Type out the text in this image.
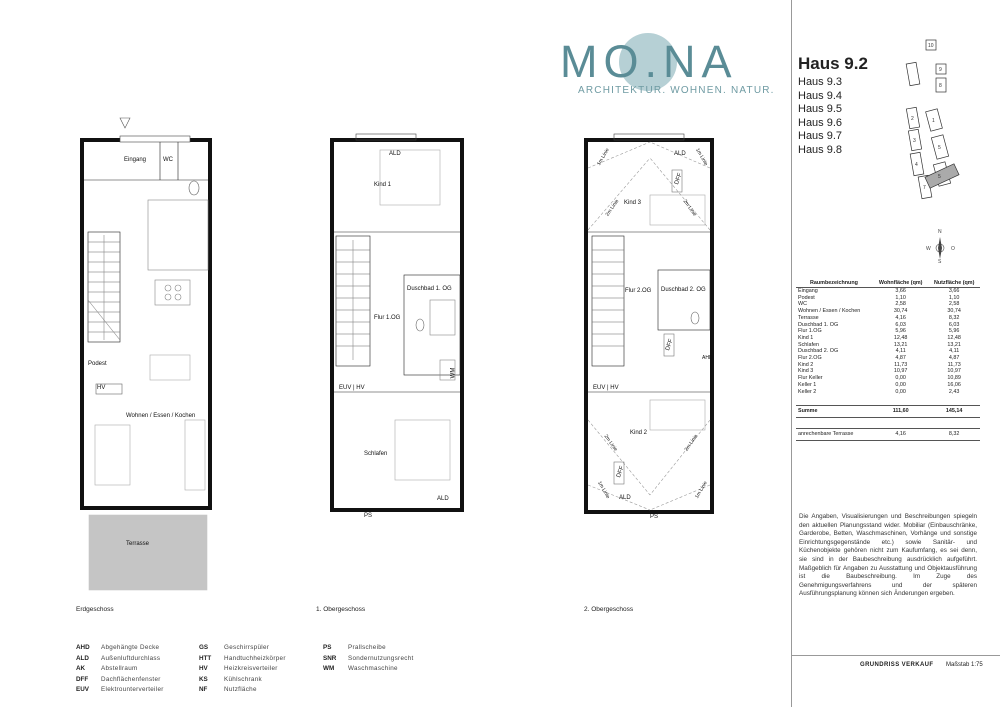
MO.NA
ARCHITEKTUR. WOHNEN. NATUR.
Eingang	WC
Podest
HV
Wohnen / Essen / Kochen
Terrasse
Erdgeschoss
ALD
Kind 1
Duschbad 1. OG
Flur 1.OG
EUV | HV
WM
Schlafen
ALD
PS
1. Obergeschoss
ALD
DFF
1m Linie	1m Linie
2m Linie	2m Linie
Kind 3
Flur 2.OG Duschbad 2. OG
DFF
AHD
EUV | HV
Kind 2
2m Linie	2m Linie
DFF
1m Linie	1m Linie
ALD
PS
2. Obergeschoss
Haus 9.2
Haus 9.3
Haus 9.4
Haus 9.5
Haus 9.6
Haus 9.7
Haus 9.8
10
9
8
1
2
3
4
5
7
5
N
W	O
S
Raumbezeichnung	Wohnfläche (qm)	Nutzfläche (qm)
Eingang	3,66	3,66
Podest	1,10	1,10
WC	2,58	2,58
Wohnen / Essen / Kochen	30,74	30,74
Terrasse	4,16	8,32
Duschbad 1. OG	6,03	6,03
Flur 1.OG	5,96	5,96
Kind 1	12,48	12,48
Schlafen	13,21	13,21
Duschbad 2. OG	4,11	4,11
Flur 2.OG	4,87	4,87
Kind 2	11,73	11,73
Kind 3	10,97	10,97
Flur Keller	0,00	10,89
Keller 1	0,00	16,06
Keller 2	0,00	2,43

Summe	111,60	145,14

anrechenbare Terrasse	4,16	8,32
Die Angaben, Visualisierungen und Beschreibungen spiegeln den aktuellen Planungsstand wider. Mobiliar (Einbauschränke, Garderobe, Betten, Waschmaschinen, Vorhänge und sonstige Einrichtungsgegenstände etc.) sowie Sanitär- und Küchenobjekte gehören nicht zum Kaufumfang, es sei denn, sie sind in der Baubeschreibung ausdrücklich aufgeführt. Maßgeblich für Angaben zu Ausstattung und Objektausführung ist die Baubeschreibung. Im Zuge des Genehmigungsverfahrens und der späteren Ausführungsplanung können sich Änderungen ergeben.
GRUNDRISS VERKAUF Maßstab 1:75
AHD Abgehängte Decke
ALD Außenluftdurchlass
AK	Abstellraum
DFF Dachflächenfenster
EUV Elektrounterverteiler
GS	Geschirrspüler
HTT Handtuchheizkörper
HV	Heizkreisverteiler
KS	Kühlschrank
NF	Nutzfläche
PS	Prallscheibe
SNR Sondernutzungsrecht
WM Waschmaschine
